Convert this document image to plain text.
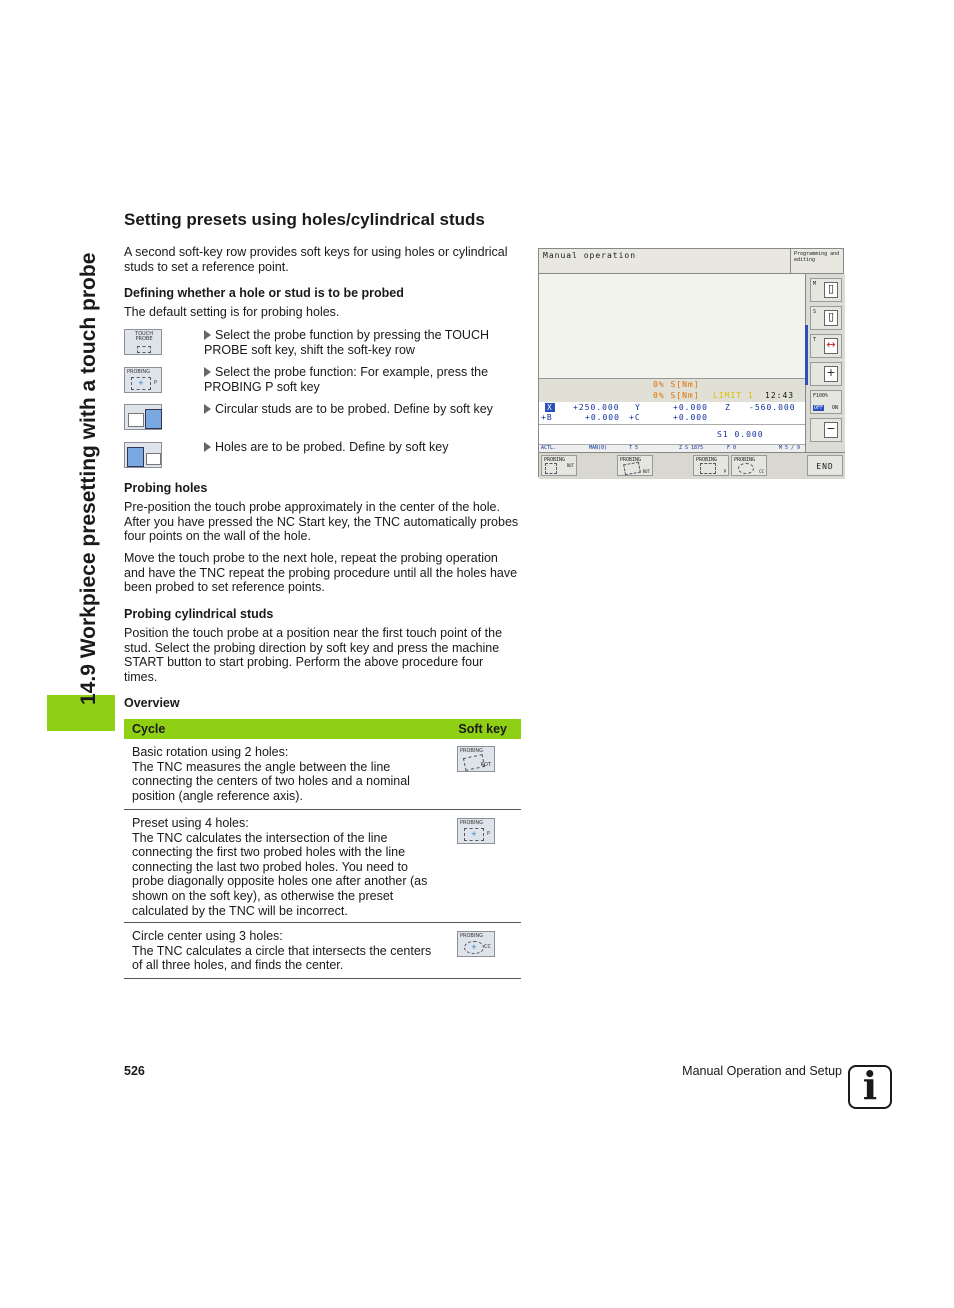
14.9 Workpiece presetting with a touch probe
Setting presets using holes/cylindrical studs

A second soft-key row provides soft keys for using holes or cylindrical studs to set a reference point.

Defining whether a hole or stud is to be probed

The default setting is for probing holes.

TOUCH PROBE	Select the probe function by pressing the TOUCH PROBE soft key, shift the soft-key row
PROBING
+ P
Select the probe function: For example, press the PROBING P soft key
Circular studs are to be probed. Define by soft key
Holes are to be probed. Define by soft key

Probing holes

Pre-position the touch probe approximately in the center of the hole. After you have pressed the NC Start key, the TNC automatically probes four points on the wall of the hole.

Move the touch probe to the next hole, repeat the probing operation and have the TNC repeat the probing procedure until all the holes have been probed to set reference points.

Probing cylindrical studs

Position the touch probe at a position near the first touch point of the stud. Select the probing direction by soft key and press the machine START button to start probing. Perform the above procedure four times.

Overview

Cycle	Soft key
Basic rotation using 2 holes:
The TNC measures the angle between the line connecting the centers of two holes and a nominal position (angle reference axis).
PROBING
ROT
Preset using 4 holes:
The TNC calculates the intersection of the line connecting the first two probed holes with the line connecting the last two probed holes. You need to probe diagonally opposite holes one after another (as shown on the soft key), as otherwise the preset calculated by the TNC will be incorrect.
PROBING
+ P
Circle center using 3 holes:
The TNC calculates a circle that intersects the centers of all three holes, and finds the center.
PROBING
+ CC
Manual operation	Programming and editing
M	▯
S	▯
T ↔
+
F100%
OFF ON
−
0% S[Nm]
0% S[Nm] LIMIT 1 12:43
X	+250.000 Y	+0.000 Z -560.000
+B	+0.000 +C	+0.000
S1 0.000
ACTL.	MAN(0)	T 5	Z S 1875	F 0	M 5 / 9
PROBING
ROT
PROBING
ROT
PROBING
P
PROBING
CC
END
526	Manual Operation and Setup i
